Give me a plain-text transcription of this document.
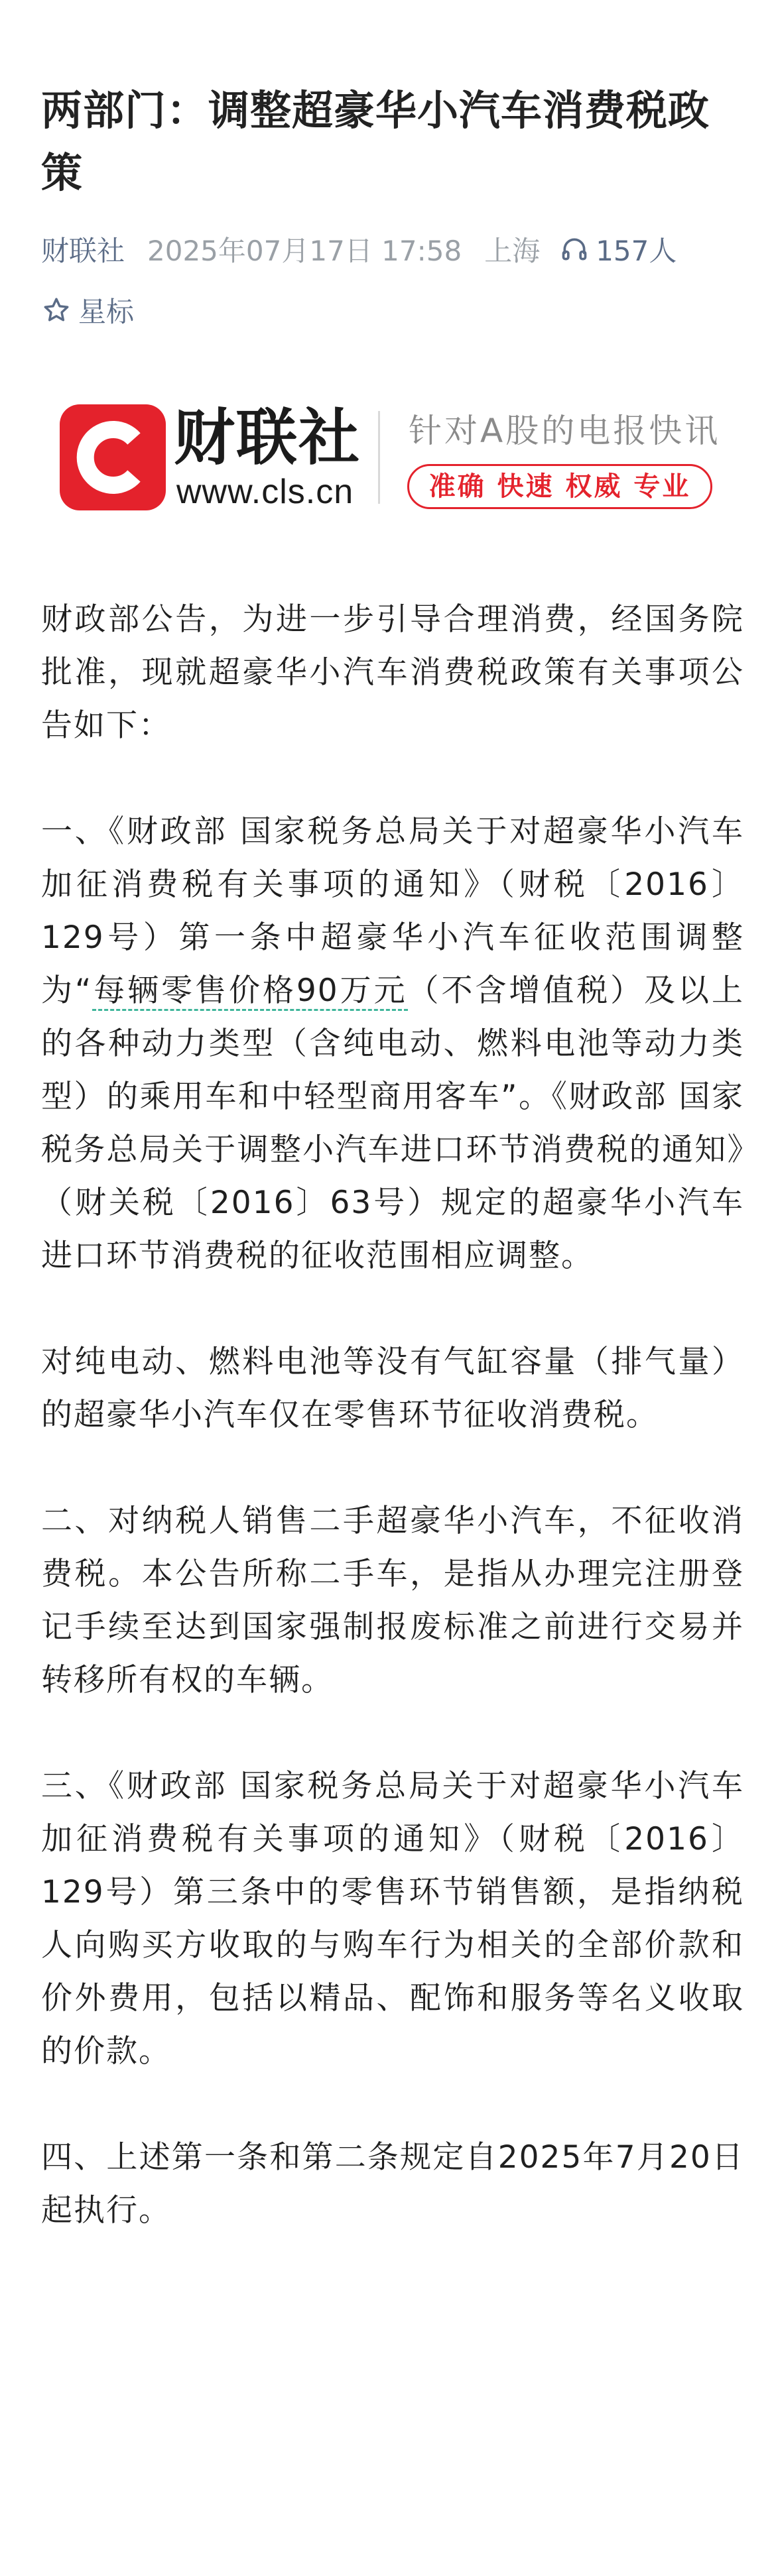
两部门：调整超豪华小汽车消费税政策
财联社 2025年07月17日 17:58 上海 157人
星标
财联社
www.cls.cn
针对A股的电报快讯
准确 快速 权威 专业

财政部公告，为进一步引导合理消费，经国务院批准，现就超豪华小汽车消费税政策有关事项公告如下：

一、《财政部 国家税务总局关于对超豪华小汽车加征消费税有关事项的通知》（财税〔2016〕129号）第一条中超豪华小汽车征收范围调整为“每辆零售价格90万元（不含增值税）及以上的各种动力类型（含纯电动、燃料电池等动力类型）的乘用车和中轻型商用客车”。《财政部 国家税务总局关于调整小汽车进口环节消费税的通知》（财关税〔2016〕63号）规定的超豪华小汽车进口环节消费税的征收范围相应调整。

对纯电动、燃料电池等没有气缸容量（排气量）的超豪华小汽车仅在零售环节征收消费税。

二、对纳税人销售二手超豪华小汽车，不征收消费税。本公告所称二手车，是指从办理完注册登记手续至达到国家强制报废标准之前进行交易并转移所有权的车辆。

三、《财政部 国家税务总局关于对超豪华小汽车加征消费税有关事项的通知》（财税〔2016〕129号）第三条中的零售环节销售额，是指纳税人向购买方收取的与购车行为相关的全部价款和价外费用，包括以精品、配饰和服务等名义收取的价款。

四、上述第一条和第二条规定自2025年7月20日起执行。
